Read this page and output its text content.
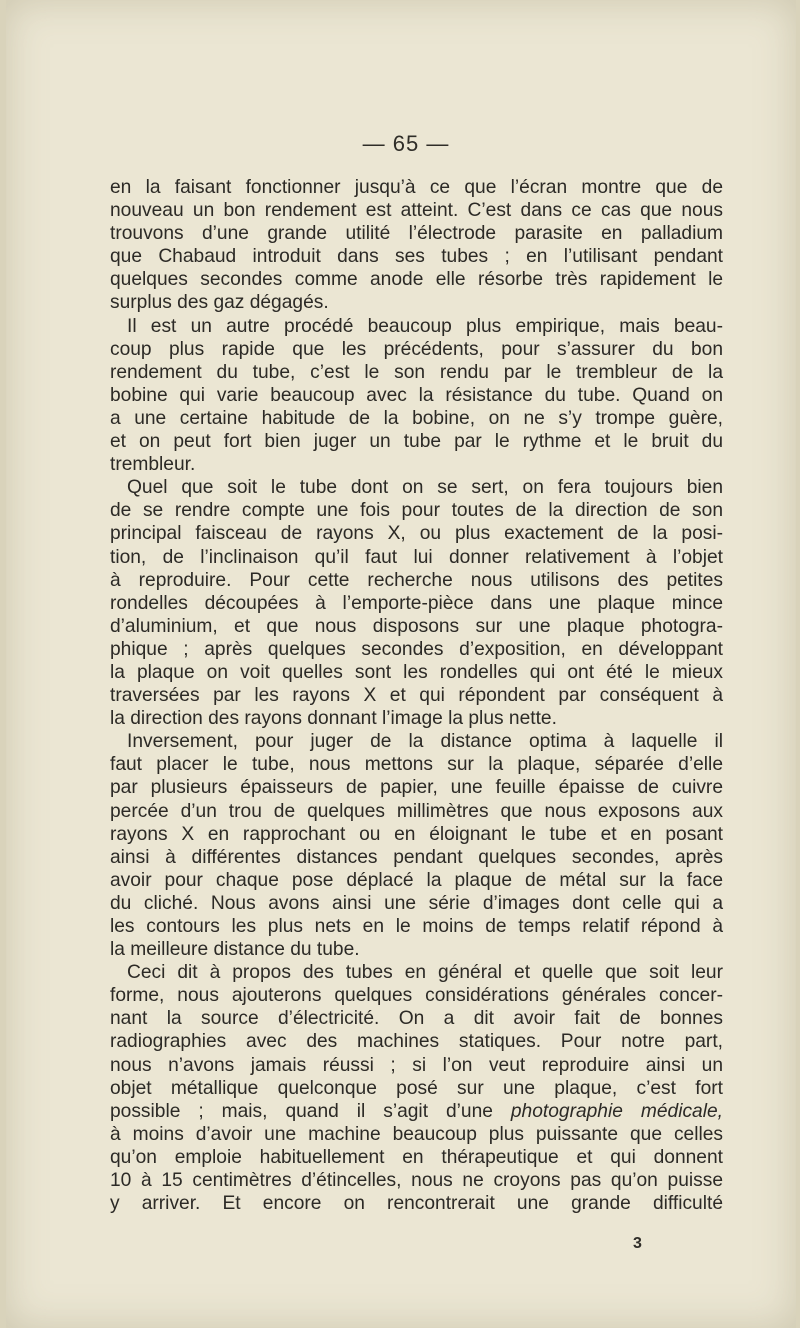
— 65 —
en la faisant fonctionner jusqu’à ce que l’écran montre que de
nouveau un bon rendement est atteint. C’est dans ce cas que nous
trouvons d’une grande utilité l’électrode parasite en palladium
que Chabaud introduit dans ses tubes ; en l’utilisant pendant
quelques secondes comme anode elle résorbe très rapidement le
surplus des gaz dégagés.
Il est un autre procédé beaucoup plus empirique, mais beau-
coup plus rapide que les précédents, pour s’assurer du bon
rendement du tube, c’est le son rendu par le trembleur de la
bobine qui varie beaucoup avec la résistance du tube. Quand on
a une certaine habitude de la bobine, on ne s’y trompe guère,
et on peut fort bien juger un tube par le rythme et le bruit du
trembleur.
Quel que soit le tube dont on se sert, on fera toujours bien
de se rendre compte une fois pour toutes de la direction de son
principal faisceau de rayons X, ou plus exactement de la posi-
tion, de l’inclinaison qu’il faut lui donner relativement à l’objet
à reproduire. Pour cette recherche nous utilisons des petites
rondelles découpées à l’emporte-pièce dans une plaque mince
d’aluminium, et que nous disposons sur une plaque photogra-
phique ; après quelques secondes d’exposition, en développant
la plaque on voit quelles sont les rondelles qui ont été le mieux
traversées par les rayons X et qui répondent par conséquent à
la direction des rayons donnant l’image la plus nette.
Inversement, pour juger de la distance optima à laquelle il
faut placer le tube, nous mettons sur la plaque, séparée d’elle
par plusieurs épaisseurs de papier, une feuille épaisse de cuivre
percée d’un trou de quelques millimètres que nous exposons aux
rayons X en rapprochant ou en éloignant le tube et en posant
ainsi à différentes distances pendant quelques secondes, après
avoir pour chaque pose déplacé la plaque de métal sur la face
du cliché. Nous avons ainsi une série d’images dont celle qui a
les contours les plus nets en le moins de temps relatif répond à
la meilleure distance du tube.
Ceci dit à propos des tubes en général et quelle que soit leur
forme, nous ajouterons quelques considérations générales concer-
nant la source d’électricité. On a dit avoir fait de bonnes
radiographies avec des machines statiques. Pour notre part,
nous n’avons jamais réussi ; si l’on veut reproduire ainsi un
objet métallique quelconque posé sur une plaque, c’est fort
possible ; mais, quand il s’agit d’une photographie médicale,
à moins d’avoir une machine beaucoup plus puissante que celles
qu’on emploie habituellement en thérapeutique et qui donnent
10 à 15 centimètres d’étincelles, nous ne croyons pas qu’on puisse
y arriver. Et encore on rencontrerait une grande difficulté
3
